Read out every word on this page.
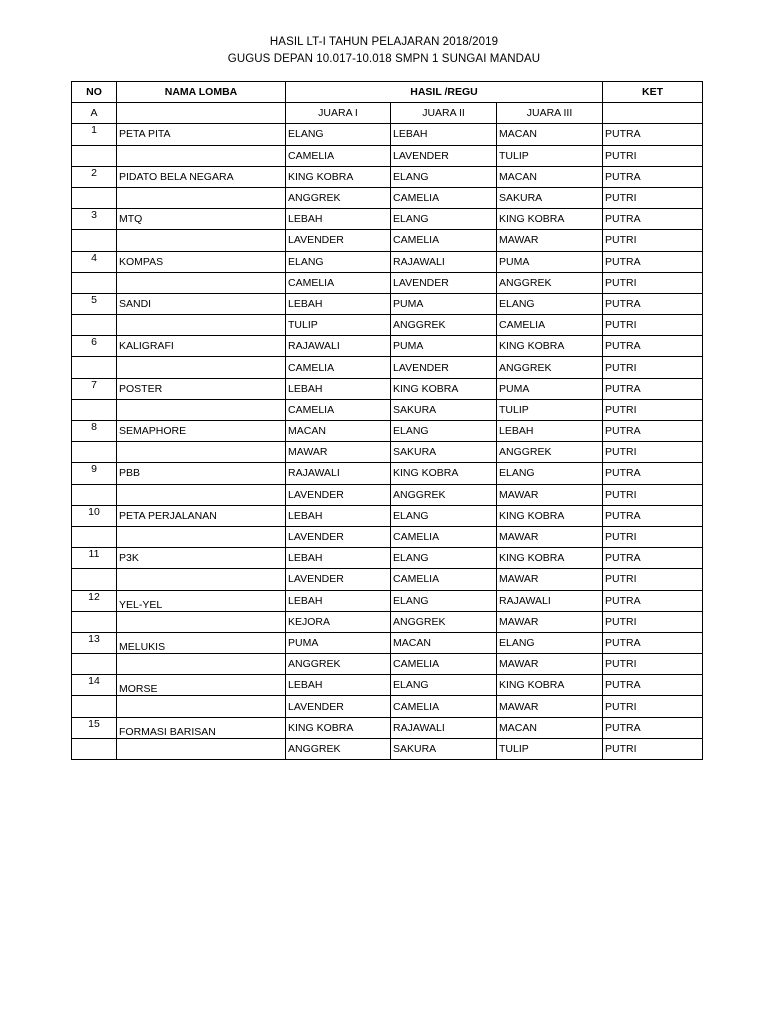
HASIL LT-I TAHUN PELAJARAN 2018/2019
GUGUS DEPAN 10.017-10.018 SMPN 1 SUNGAI MANDAU
NO	NAMA LOMBA	HASIL /REGU			KET
A		JUARA I	JUARA II	JUARA III	
1	PETA PITA	ELANG	LEBAH	MACAN	PUTRA
		CAMELIA	LAVENDER	TULIP	PUTRI
2	PIDATO BELA NEGARA	KING KOBRA	ELANG	MACAN	PUTRA
		ANGGREK	CAMELIA	SAKURA	PUTRI
3	MTQ	LEBAH	ELANG	KING KOBRA	PUTRA
		LAVENDER	CAMELIA	MAWAR	PUTRI
4	KOMPAS	ELANG	RAJAWALI	PUMA	PUTRA
		CAMELIA	LAVENDER	ANGGREK	PUTRI
5	SANDI	LEBAH	PUMA	ELANG	PUTRA
		TULIP	ANGGREK	CAMELIA	PUTRI
6	KALIGRAFI	RAJAWALI	PUMA	KING KOBRA	PUTRA
		CAMELIA	LAVENDER	ANGGREK	PUTRI
7	POSTER	LEBAH	KING KOBRA	PUMA	PUTRA
		CAMELIA	SAKURA	TULIP	PUTRI
8	SEMAPHORE	MACAN	ELANG	LEBAH	PUTRA
		MAWAR	SAKURA	ANGGREK	PUTRI
9	PBB	RAJAWALI	KING KOBRA	ELANG	PUTRA
		LAVENDER	ANGGREK	MAWAR	PUTRI
10	PETA PERJALANAN	LEBAH	ELANG	KING KOBRA	PUTRA
		LAVENDER	CAMELIA	MAWAR	PUTRI
11	P3K	LEBAH	ELANG	KING KOBRA	PUTRA
		LAVENDER	CAMELIA	MAWAR	PUTRI
12	YEL-YEL	LEBAH	ELANG	RAJAWALI	PUTRA
		KEJORA	ANGGREK	MAWAR	PUTRI
13	MELUKIS	PUMA	MACAN	ELANG	PUTRA
		ANGGREK	CAMELIA	MAWAR	PUTRI
14	MORSE	LEBAH	ELANG	KING KOBRA	PUTRA
		LAVENDER	CAMELIA	MAWAR	PUTRI
15	FORMASI BARISAN	KING KOBRA	RAJAWALI	MACAN	PUTRA
		ANGGREK	SAKURA	TULIP	PUTRI
